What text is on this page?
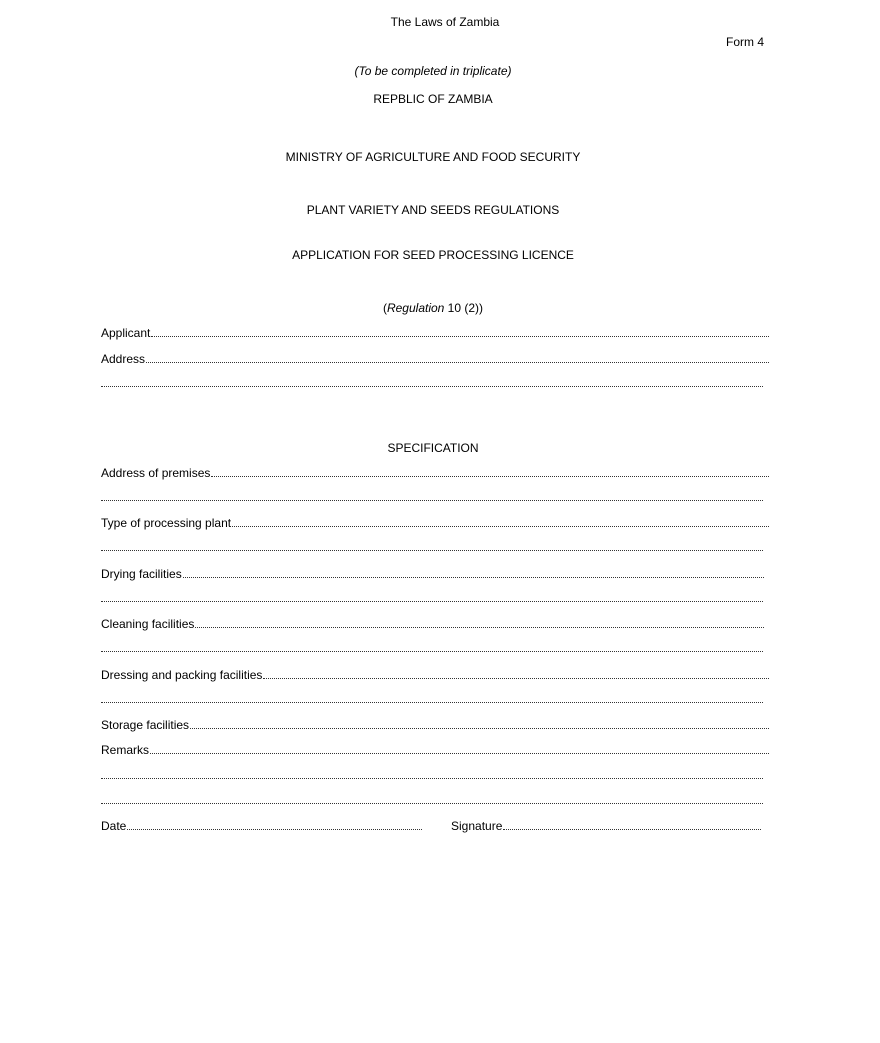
The Laws of Zambia
Form 4
(To be completed in triplicate)
REPBLIC OF ZAMBIA
MINISTRY OF AGRICULTURE AND FOOD SECURITY
PLANT VARIETY AND SEEDS REGULATIONS
APPLICATION FOR SEED PROCESSING LICENCE
(Regulation 10 (2))
Applicant
Address
SPECIFICATION
Address of premises
Type of processing plant
Drying facilities
Cleaning facilities
Dressing and packing facilities
Storage facilities
Remarks
Date	Signature
